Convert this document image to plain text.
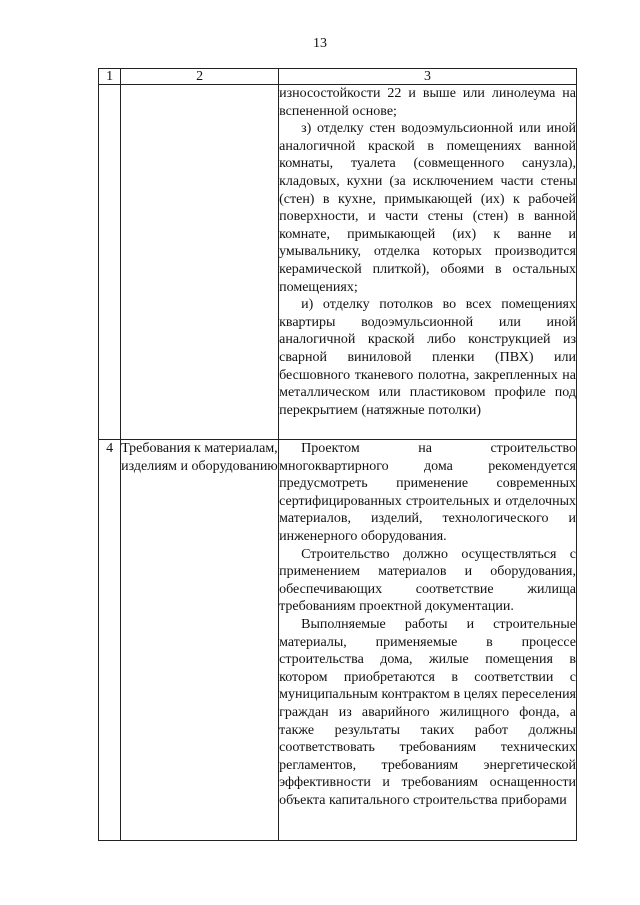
13
1	2	3

		износостойкости 22 и выше или линолеума на вспененной основе;

з) отделку стен водоэмульсионной или иной аналогичной краской в помещениях ванной комнаты, туалета (совмещенного санузла), кладовых, кухни (за исключением части стены (стен) в кухне, примыкающей (их) к рабочей поверхности, и части стены (стен) в ванной комнате, примыкающей (их) к ванне и умывальнику, отделка которых производится керамической плиткой), обоями в остальных помещениях;

и) отделку потолков во всех помещениях квартиры водоэмульсионной или иной аналогичной краской либо конструкцией из сварной виниловой пленки (ПВХ) или бесшовного тканевого полотна, закрепленных на металлическом или пластиковом профиле под перекрытием (натяжные потолки)

4	Требования к материалам, изделиям и оборудованию	Проектом на строительство многоквартирного дома рекомендуется предусмотреть применение современных сертифицированных строительных и отделочных материалов, изделий, технологического и инженерного оборудования.

Строительство должно осуществляться с применением материалов и оборудования, обеспечивающих соответствие жилища требованиям проектной документации.

Выполняемые работы и строительные материалы, применяемые в процессе строительства дома, жилые помещения в котором приобретаются в соответствии с муниципальным контрактом в целях переселения граждан из аварийного жилищного фонда, а также результаты таких работ должны соответствовать требованиям технических регламентов, требованиям энергетической эффективности и требованиям оснащенности объекта капитального строительства приборами
